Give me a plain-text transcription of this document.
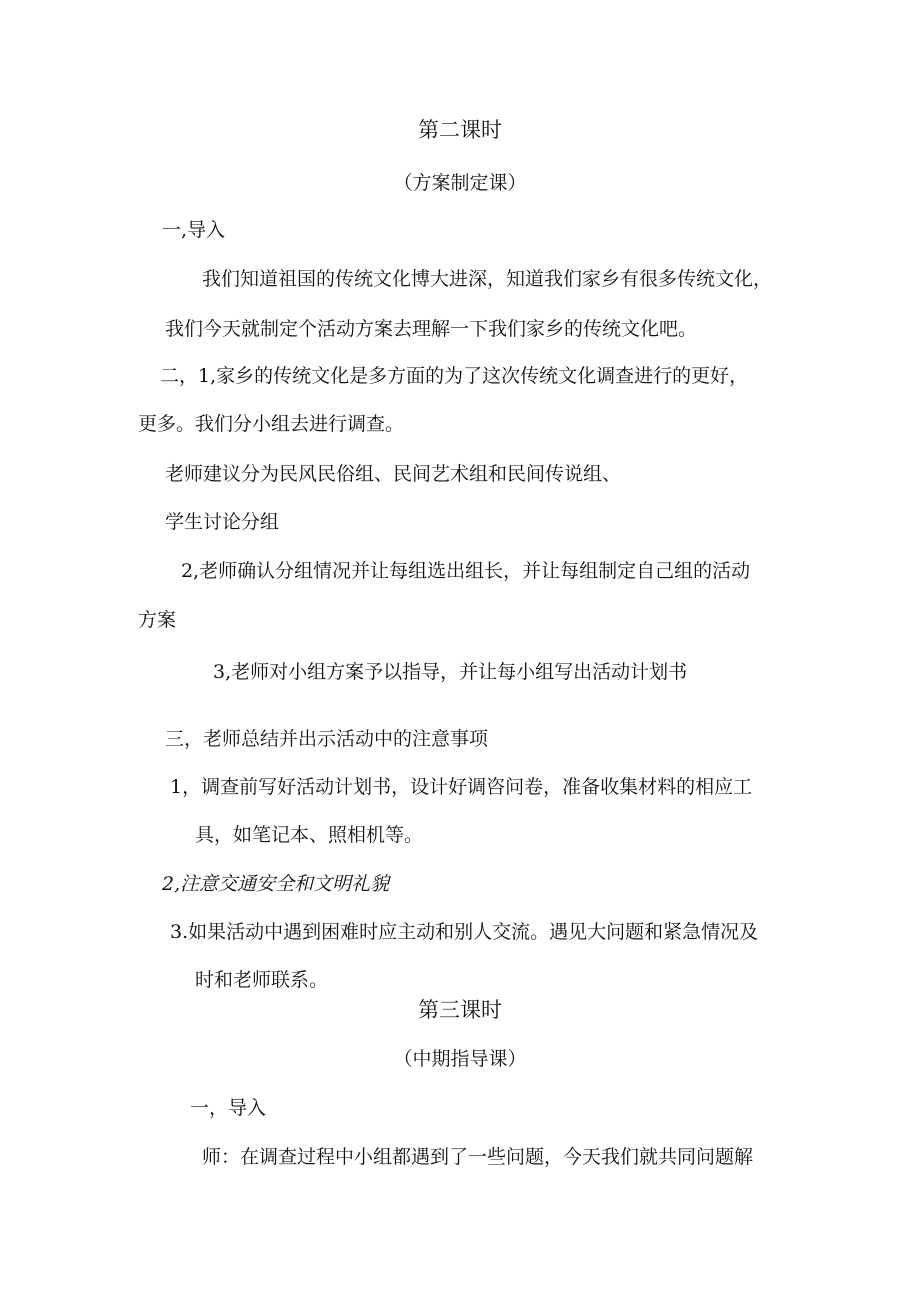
第二课时
（方案制定课）
一,导入
我们知道祖国的传统文化博大进深，知道我们家乡有很多传统文化，
我们今天就制定个活动方案去理解一下我们家乡的传统文化吧。
二，1,家乡的传统文化是多方面的为了这次传统文化调查进行的更好，
更多。我们分小组去进行调查。
老师建议分为民风民俗组、民间艺术组和民间传说组、
学生讨论分组
2,老师确认分组情况并让每组选出组长，并让每组制定自己组的活动
方案
3,老师对小组方案予以指导，并让每小组写出活动计划书
三，老师总结并出示活动中的注意事项
1，调查前写好活动计划书，设计好调咨问卷，准备收集材料的相应工
具，如笔记本、照相机等。
2,注意交通安全和文明礼貌
3.如果活动中遇到困难时应主动和别人交流。遇见大问题和紧急情况及
时和老师联系。
第三课时
（中期指导课）
一，导入
师：在调查过程中小组都遇到了一些问题，今天我们就共同问题解
